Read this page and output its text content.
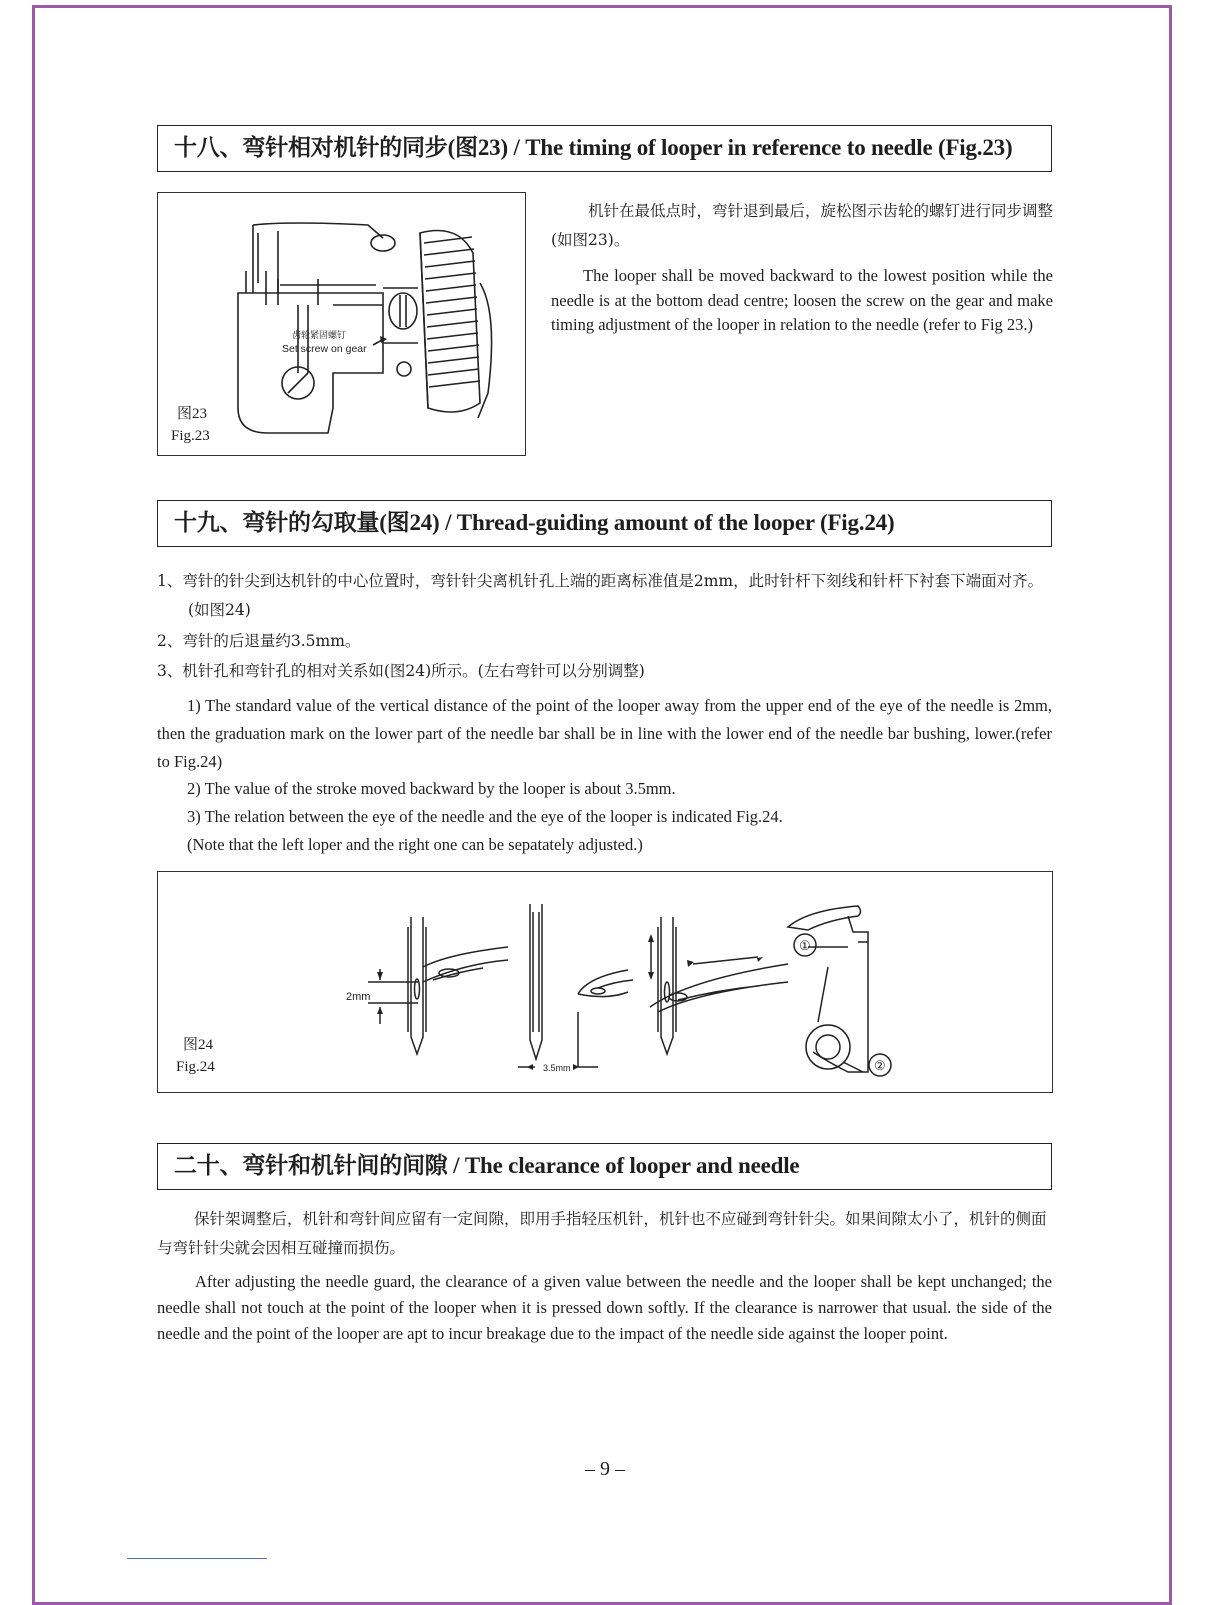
十八、弯针相对机针的同步(图23) / The timing of looper in reference to needle (Fig.23)
齿轮紧固螺钉
Set screw on gear
图23
Fig.23
机针在最低点时，弯针退到最后，旋松图示齿轮的螺钉进行同步调整(如图23)。
The looper shall be moved backward to the lowest position while the needle is at the bottom dead centre; loosen the screw on the gear and make timing adjustment of the looper in relation to the needle (refer to Fig 23.)
十九、弯针的勾取量(图24) / Thread-guiding amount of the looper (Fig.24)
1、弯针的针尖到达机针的中心位置时，弯针针尖离机针孔上端的距离标准值是2mm，此时针杆下刻线和针杆下衬套下端面对齐。(如图24)
2、弯针的后退量约3.5mm。
3、机针孔和弯针孔的相对关系如(图24)所示。(左右弯针可以分别调整)
1) The standard value of the vertical distance of the point of the looper away from the upper end of the eye of the needle is 2mm, then the graduation mark on the lower part of the needle bar shall be in line with the lower end of the needle bar bushing, lower.(refer to Fig.24)
2) The value of the stroke moved backward by the looper is about 3.5mm.
3) The relation between the eye of the needle and the eye of the looper is indicated Fig.24.
(Note that the left loper and the right one can be sepatately adjusted.)
2mm
3.5mm
①
②
图24
Fig.24
二十、弯针和机针间的间隙 / The clearance of looper and needle
保针架调整后，机针和弯针间应留有一定间隙，即用手指轻压机针，机针也不应碰到弯针针尖。如果间隙太小了，机针的侧面与弯针针尖就会因相互碰撞而损伤。
After adjusting the needle guard, the clearance of a given value between the needle and the looper shall be kept unchanged; the needle shall not touch at the point of the looper when it is pressed down softly. If the clearance is narrower that usual. the side of the needle and the point of the looper are apt to incur breakage due to the impact of the needle side against the looper point.
– 9 –
